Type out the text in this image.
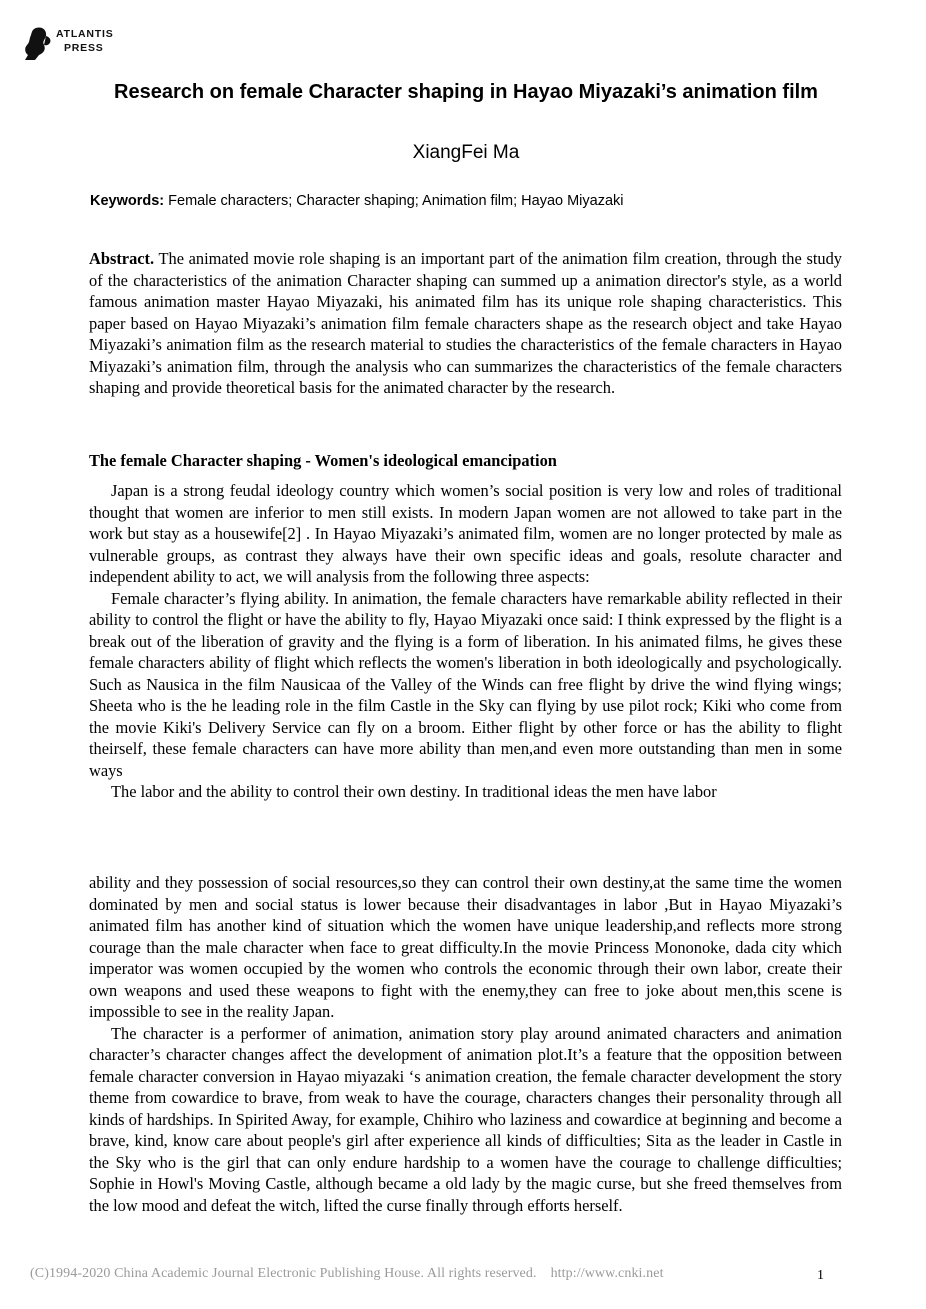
ATLANTIS
PRESS
Research on female Character shaping in Hayao Miyazaki’s animation film
XiangFei Ma
Keywords: Female characters; Character shaping; Animation film; Hayao Miyazaki
Abstract. The animated movie role shaping is an important part of the animation film creation, through the study of the characteristics of the animation Character shaping can summed up a animation director's style, as a world famous animation master Hayao Miyazaki, his animated film has its unique role shaping characteristics. This paper based on Hayao Miyazaki’s animation film female characters shape as the research object and take Hayao Miyazaki’s animation film as the research material to studies the characteristics of the female characters in Hayao Miyazaki’s animation film, through the analysis who can summarizes the characteristics of the female characters shaping and provide theoretical basis for the animated character by the research.
The female Character shaping - Women's ideological emancipation

Japan is a strong feudal ideology country which women’s social position is very low and roles of traditional thought that women are inferior to men still exists. In modern Japan women are not allowed to take part in the work but stay as a housewife[2] . In Hayao Miyazaki’s animated film, women are no longer protected by male as vulnerable groups, as contrast they always have their own specific ideas and goals, resolute character and independent ability to act, we will analysis from the following three aspects:

Female character’s flying ability. In animation, the female characters have remarkable ability reflected in their ability to control the flight or have the ability to fly, Hayao Miyazaki once said: I think expressed by the flight is a break out of the liberation of gravity and the flying is a form of liberation. In his animated films, he gives these female characters ability of flight which reflects the women's liberation in both ideologically and psychologically. Such as Nausica in the film Nausicaa of the Valley of the Winds can free flight by drive the wind flying wings; Sheeta who is the he leading role in the film Castle in the Sky can flying by use pilot rock; Kiki who come from the movie Kiki's Delivery Service can fly on a broom. Either flight by other force or has the ability to flight theirself, these female characters can have more ability than men,and even more outstanding than men in some ways

The labor and the ability to control their own destiny. In traditional ideas the men have labor

ability and they possession of social resources,so they can control their own destiny,at the same time the women dominated by men and social status is lower because their disadvantages in labor ,But in Hayao Miyazaki’s animated film has another kind of situation which the women have unique leadership,and reflects more strong courage than the male character when face to great difficulty.In the movie Princess Mononoke, dada city which imperator was women occupied by the women who controls the economic through their own labor, create their own weapons and used these weapons to fight with the enemy,they can free to joke about men,this scene is impossible to see in the reality Japan.

The character is a performer of animation, animation story play around animated characters and animation character’s character changes affect the development of animation plot.It’s a feature that the opposition between female character conversion in Hayao miyazaki ‘s animation creation, the female character development the story theme from cowardice to brave, from weak to have the courage, characters changes their personality through all kinds of hardships. In Spirited Away, for example, Chihiro who laziness and cowardice at beginning and become a brave, kind, know care about people's girl after experience all kinds of difficulties; Sita as the leader in Castle in the Sky who is the girl that can only endure hardship to a women have the courage to challenge difficulties; Sophie in Howl's Moving Castle, although became a old lady by the magic curse, but she freed themselves from the low mood and defeat the witch, lifted the curse finally through efforts herself.

(C)1994-2020 China Academic Journal Electronic Publishing House. All rights reserved. http://www.cnki.net	1
